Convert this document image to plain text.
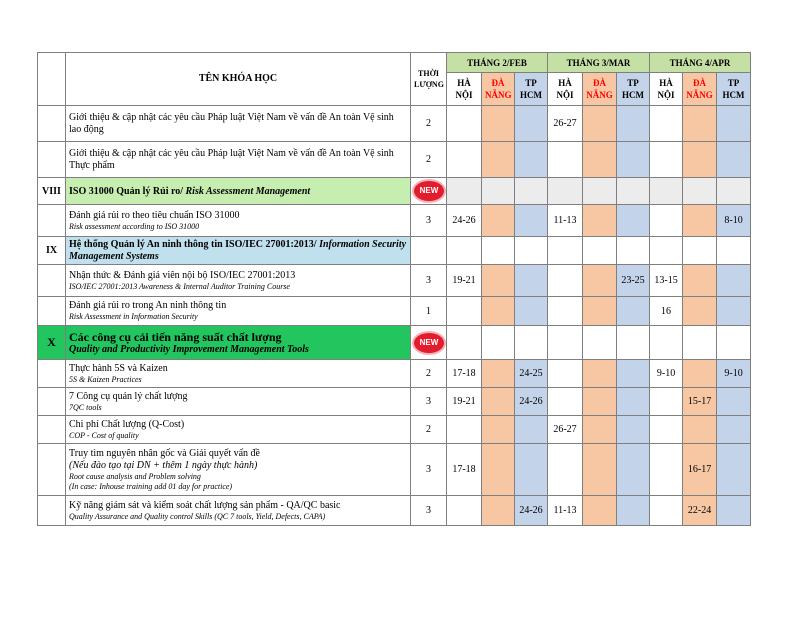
	TÊN KHÓA HỌC	THỜI LƯỢNG	THÁNG 2/FEB			THÁNG 3/MAR			THÁNG 4/APR		
			HÀ NỘI	ĐÀ NẴNG	TP HCM	HÀ NỘI	ĐÀ NẴNG	TP HCM	HÀ NỘI	ĐÀ NẴNG	TP HCM

	Giới thiệu & cập nhật các yêu cầu Pháp luật Việt Nam về vấn đề An toàn Vệ sinh lao động	2				26-27					

	Giới thiệu & cập nhật các yêu cầu Pháp luật Việt Nam về vấn đề An toàn Vệ sinh Thực phẩm	2									
VIII	ISO 31000 Quản lý Rủi ro/ Risk Assessment Management	NEW									

	Đánh giá rủi ro theo tiêu chuẩn ISO 31000
Risk assessment according to ISO 31000	3	24-26			11-13					8-10
IX	Hệ thống Quản lý An ninh thông tin ISO/IEC 27001:2013/ Information Security Management Systems										

	Nhận thức & Đánh giá viên nội bộ ISO/IEC 27001:2013
ISO/IEC 27001:2013 Awareness & Internal Auditor Training Course	3	19-21					23-25	13-15		

	Đánh giá rủi ro trong An ninh thông tin
Risk Assessment in Information Security	1							16		
X	Các công cụ cải tiến năng suất chất lượng
Quality and Productivity Improvement Management Tools	NEW									

	Thực hành 5S và Kaizen
5S & Kaizen Practices	2	17-18		24-25				9-10		9-10

	7 Công cụ quản lý chất lượng
7QC tools	3	19-21		24-26					15-17	

	Chi phí Chất lượng (Q-Cost)
COP - Cost of quality	2				26-27					

	Truy tìm nguyên nhân gốc và Giải quyết vấn đề
(Nếu đào tạo tại DN + thêm 1 ngày thực hành)
Root cause analysis and Problem solving
(In case: Inhouse training add 01 day for practice)	3	17-18							16-17	

	Kỹ năng giám sát và kiểm soát chất lượng sản phẩm - QA/QC basic
Quality Assurance and Quality control Skills (QC 7 tools, Yield, Defects, CAPA)	3			24-26	11-13				22-24	
